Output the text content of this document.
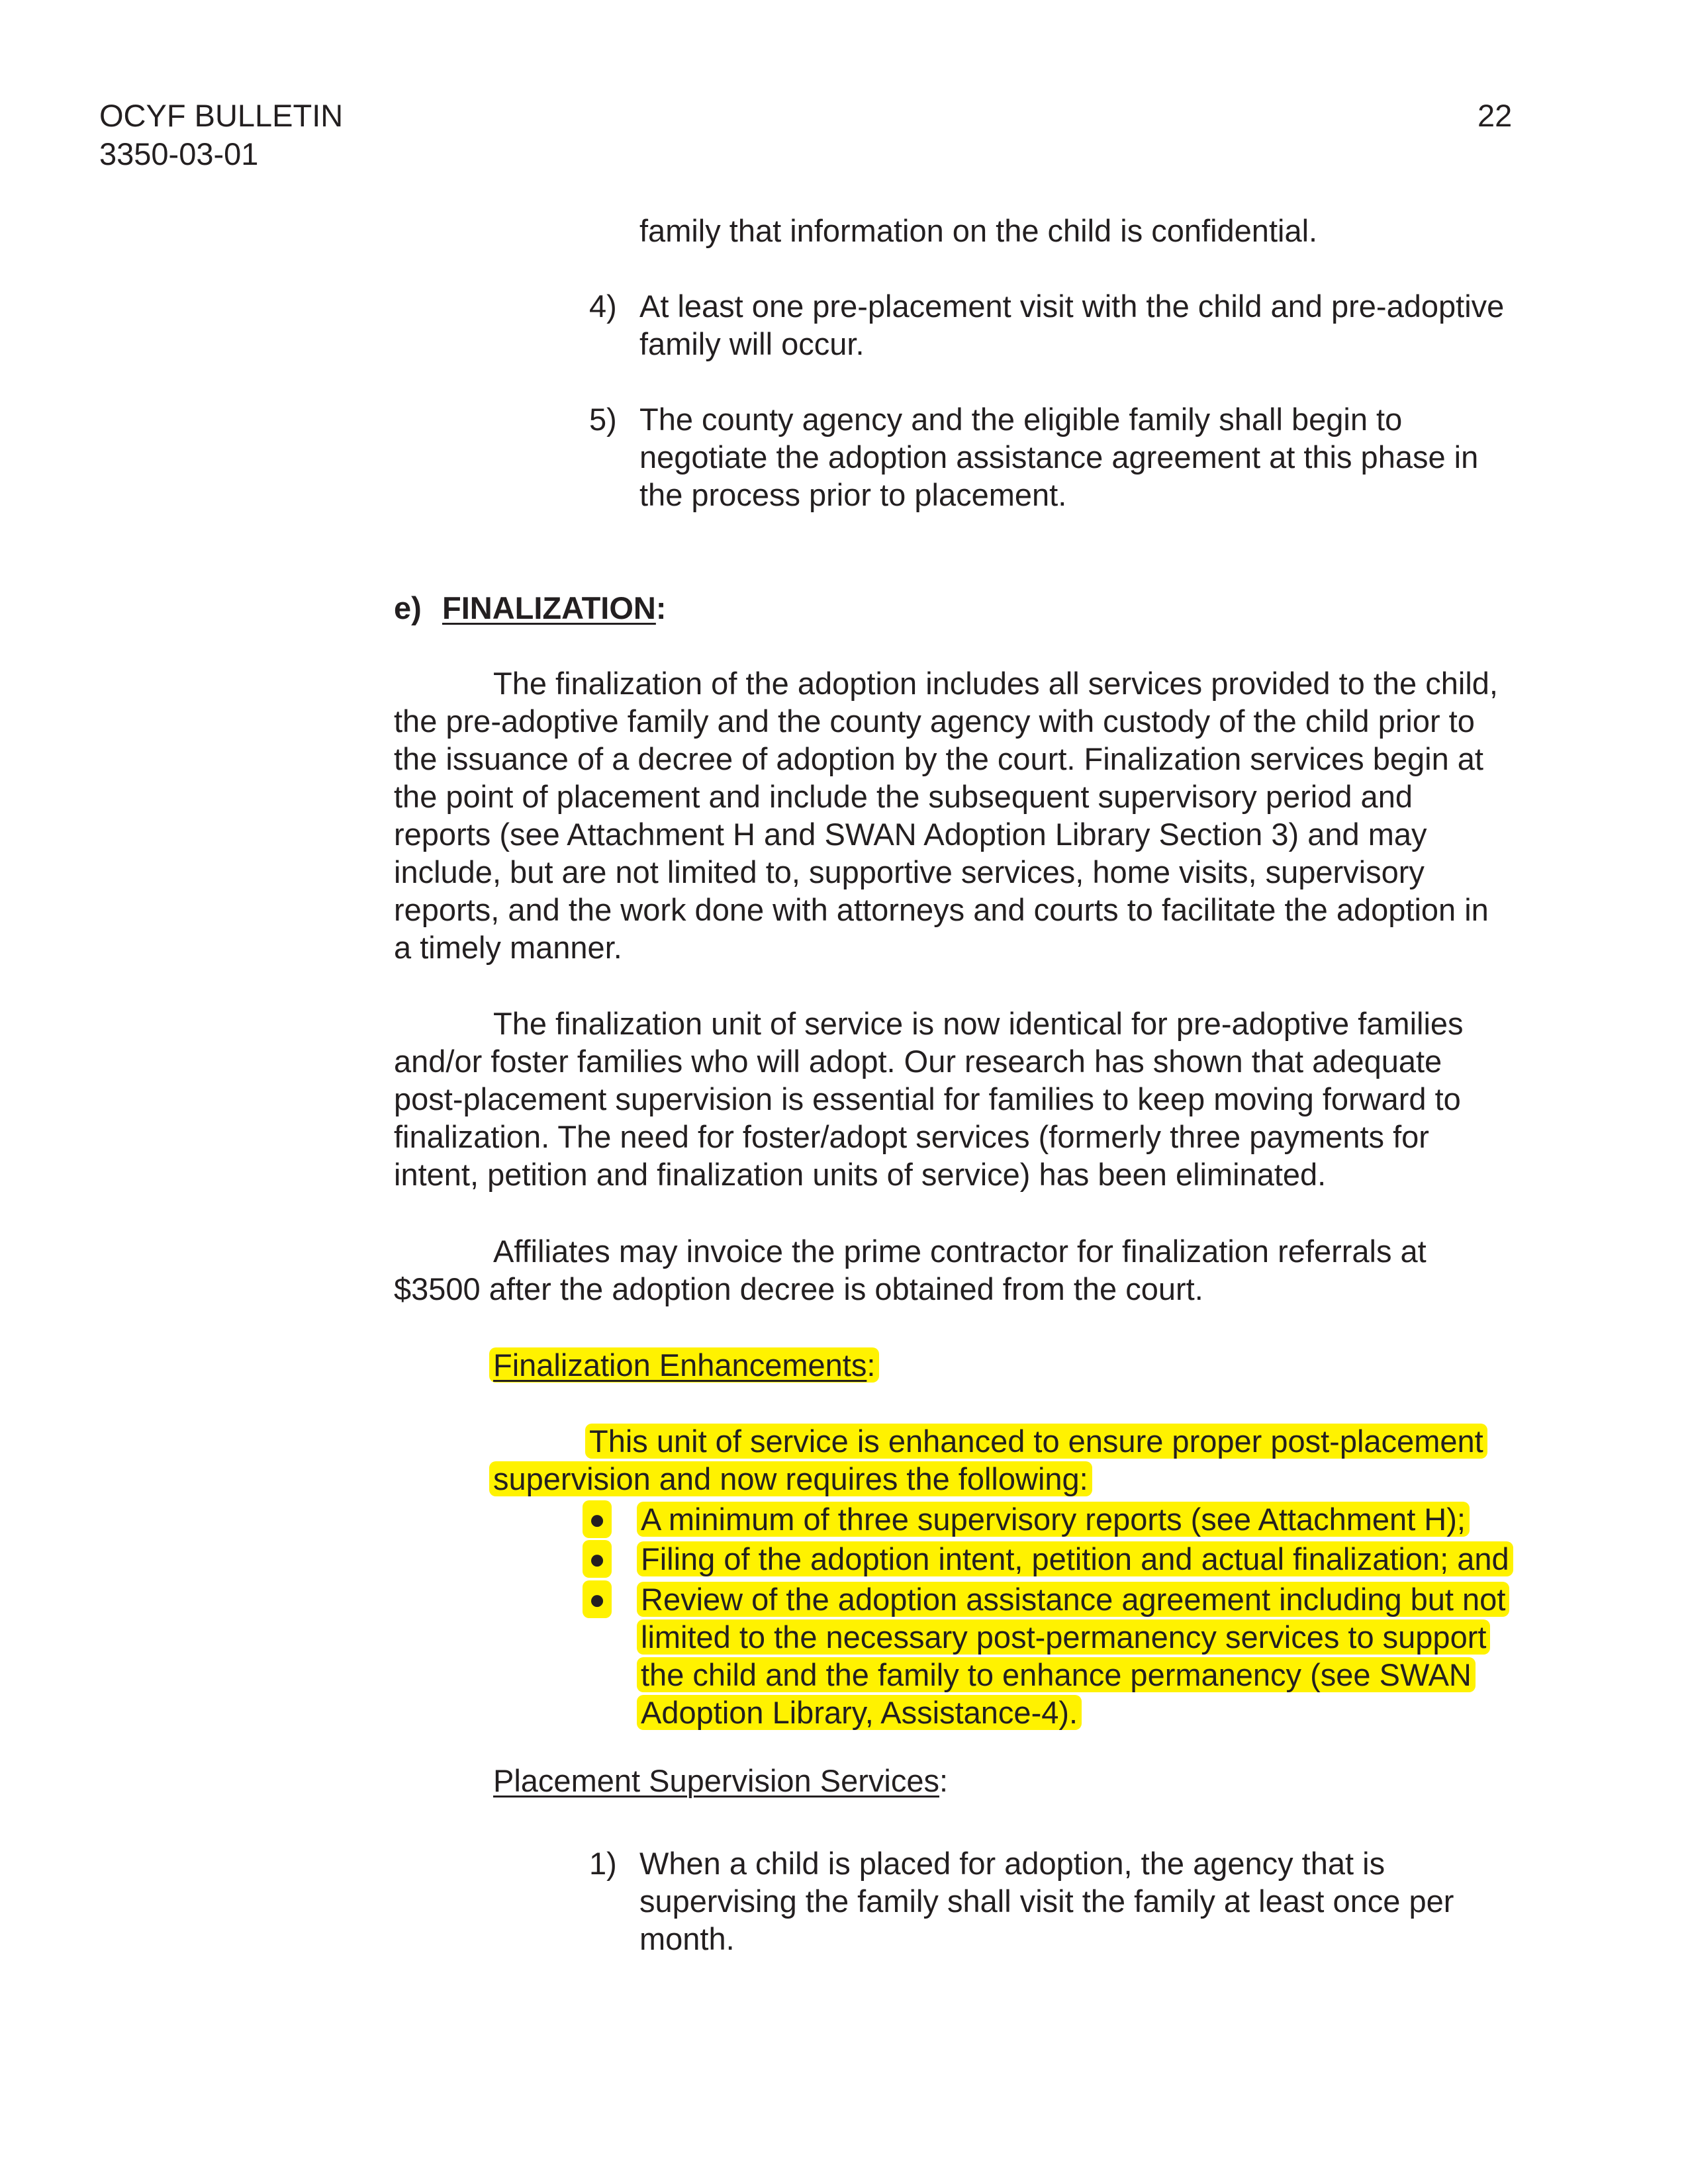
OCYF BULLETIN

3350-03-01

22

family that information on the child is confidential.

4) At least one pre-placement visit with the child and pre-adoptive
family will occur.

5) The county agency and the eligible family shall begin to
negotiate the adoption assistance agreement at this phase in
the process prior to placement.

e) FINALIZATION:

The finalization of the adoption includes all services provided to the child,
the pre-adoptive family and the county agency with custody of the child prior to
the issuance of a decree of adoption by the court. Finalization services begin at
the point of placement and include the subsequent supervisory period and
reports (see Attachment H and SWAN Adoption Library Section 3) and may
include, but are not limited to, supportive services, home visits, supervisory
reports, and the work done with attorneys and courts to facilitate the adoption in
a timely manner.
The finalization unit of service is now identical for pre-adoptive families
and/or foster families who will adopt. Our research has shown that adequate
post-placement supervision is essential for families to keep moving forward to
finalization. The need for foster/adopt services (formerly three payments for
intent, petition and finalization units of service) has been eliminated.
Affiliates may invoice the prime contractor for finalization referrals at
$3500 after the adoption decree is obtained from the court.

Finalization Enhancements:

This unit of service is enhanced to ensure proper post-placement

supervision and now requires the following:

● A minimum of three supervisory reports (see Attachment H);

● Filing of the adoption intent, petition and actual finalization; and

● Review of the adoption assistance agreement including but not
limited to the necessary post-permanency services to support
the child and the family to enhance permanency (see SWAN
Adoption Library, Assistance-4).

Placement Supervision Services:

1) When a child is placed for adoption, the agency that is
supervising the family shall visit the family at least once per
month.
